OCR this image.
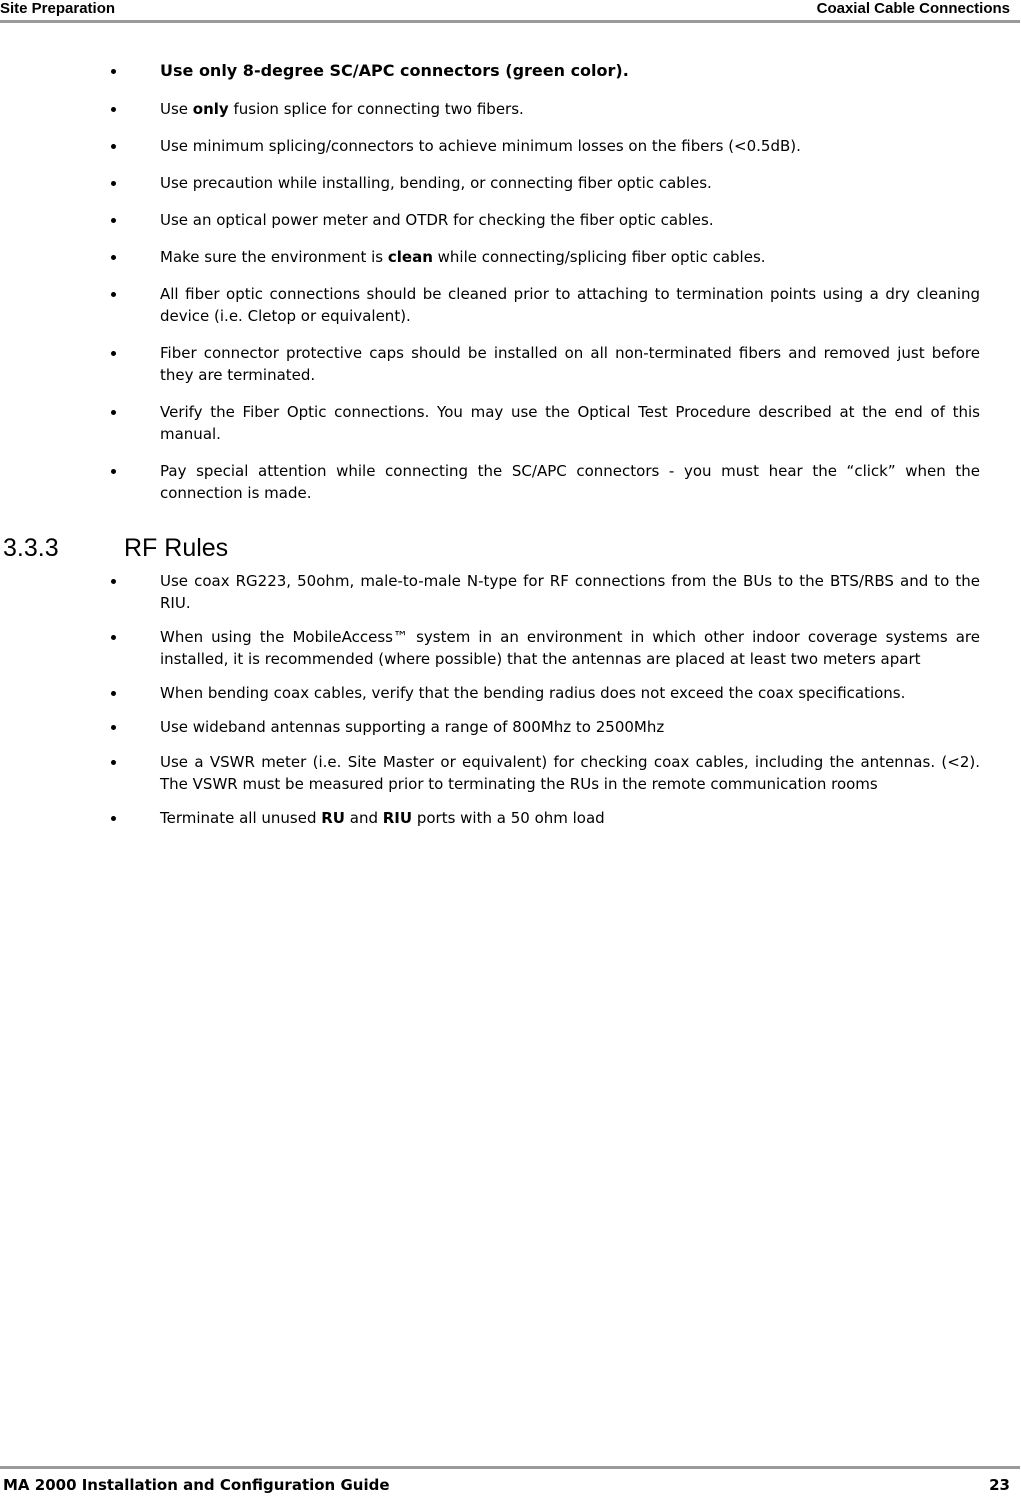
Site Preparation	Coaxial Cable Connections
Use only 8-degree SC/APC connectors (green color).
Use only fusion splice for connecting two fibers.
Use minimum splicing/connectors to achieve minimum losses on the fibers (<0.5dB).
Use precaution while installing, bending, or connecting fiber optic cables.
Use an optical power meter and OTDR for checking the fiber optic cables.
Make sure the environment is clean while connecting/splicing fiber optic cables.
All fiber optic connections should be cleaned prior to attaching to termination points using a dry cleaning device (i.e. Cletop or equivalent).
Fiber connector protective caps should be installed on all non-terminated fibers and removed just before they are terminated.
Verify the Fiber Optic connections. You may use the Optical Test Procedure described at the end of this manual.
Pay special attention while connecting the SC/APC connectors - you must hear the “click” when the connection is made.
3.3.3	RF Rules
Use coax RG223, 50ohm, male-to-male N-type for RF connections from the BUs to the BTS/RBS and to the RIU.
When using the MobileAccess™ system in an environment in which other indoor coverage systems are installed, it is recommended (where possible) that the antennas are placed at least two meters apart
When bending coax cables, verify that the bending radius does not exceed the coax specifications.
Use wideband antennas supporting a range of 800Mhz to 2500Mhz
Use a VSWR meter (i.e. Site Master or equivalent) for checking coax cables, including the antennas. (<2). The VSWR must be measured prior to terminating the RUs in the remote communication rooms
Terminate all unused RU and RIU ports with a 50 ohm load
MA 2000 Installation and Configuration Guide	23
